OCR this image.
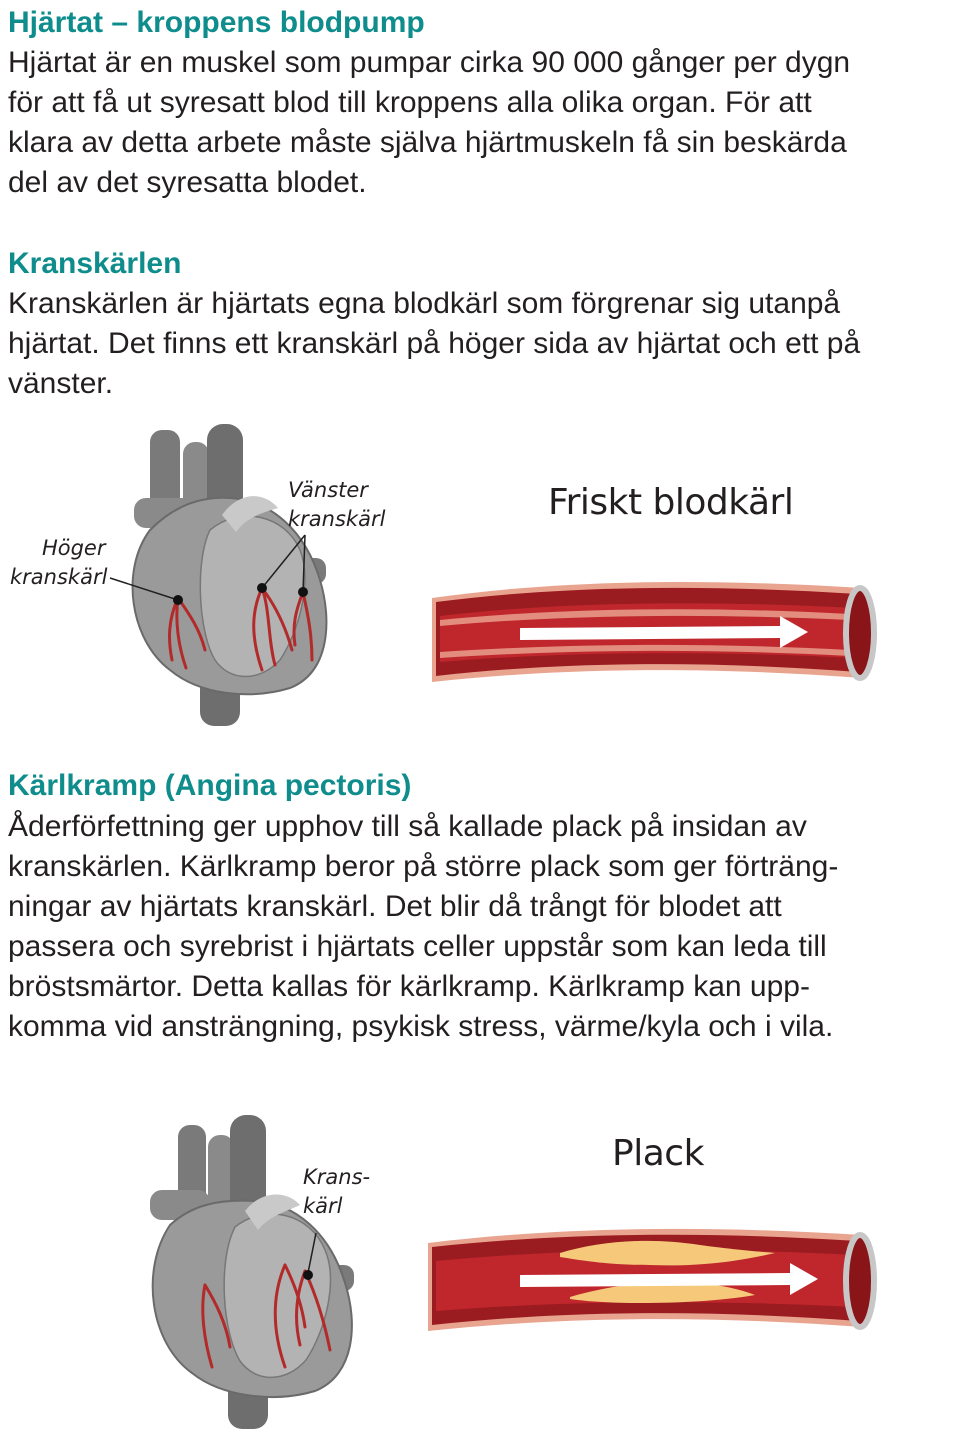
Hjärtat – kroppens blodpump
Hjärtat är en muskel som pumpar cirka 90 000 gånger per dygn
för att få ut syresatt blod till kroppens alla olika organ. För att
klara av detta arbete måste själva hjärtmuskeln få sin beskärda
del av det syresatta blodet.
Kranskärlen
Kranskärlen är hjärtats egna blodkärl som förgrenar sig utanpå
hjärtat. Det finns ett kranskärl på höger sida av hjärtat och ett på
vänster.
Höger
kranskärl
Vänster
kranskärl	Friskt blodkärl
Kärlkramp (Angina pectoris)
Åderförfettning ger upphov till så kallade plack på insidan av
kranskärlen. Kärlkramp beror på större plack som ger förträng-
ningar av hjärtats kranskärl. Det blir då trångt för blodet att
passera och syrebrist i hjärtats celler uppstår som kan leda till
bröstsmärtor. Detta kallas för kärlkramp. Kärlkramp kan upp-
komma vid ansträngning, psykisk stress, värme/kyla och i vila.
Krans-
kärl
Plack
